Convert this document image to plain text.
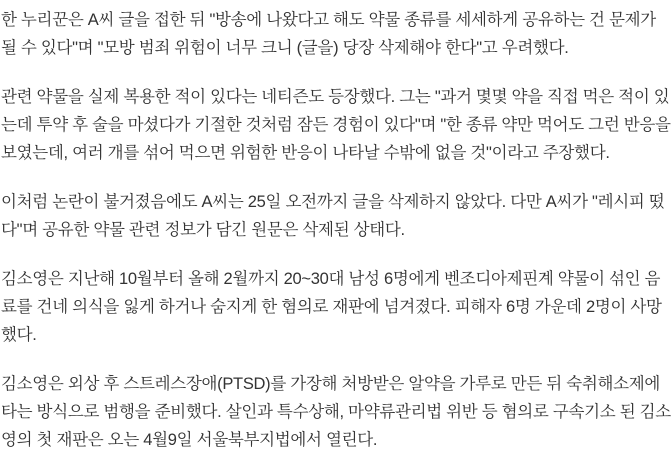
한 누리꾼은 A씨 글을 접한 뒤 "방송에 나왔다고 해도 약물 종류를 세세하게 공유하는 건 문제가
될 수 있다"며 "모방 범죄 위험이 너무 크니 (글을) 당장 삭제해야 한다"고 우려했다.
관련 약물을 실제 복용한 적이 있다는 네티즌도 등장했다. 그는 "과거 몇몇 약을 직접 먹은 적이 있
는데 투약 후 술을 마셨다가 기절한 것처럼 잠든 경험이 있다"며 "한 종류 약만 먹어도 그런 반응을
보였는데, 여러 개를 섞어 먹으면 위험한 반응이 나타날 수밖에 없을 것"이라고 주장했다.
이처럼 논란이 불거졌음에도 A씨는 25일 오전까지 글을 삭제하지 않았다. 다만 A씨가 "레시피 떴
다"며 공유한 약물 관련 정보가 담긴 원문은 삭제된 상태다.
김소영은 지난해 10월부터 올해 2월까지 20~30대 남성 6명에게 벤조디아제핀계 약물이 섞인 음
료를 건네 의식을 잃게 하거나 숨지게 한 혐의로 재판에 넘겨졌다. 피해자 6명 가운데 2명이 사망
했다.
김소영은 외상 후 스트레스장애(PTSD)를 가장해 처방받은 알약을 가루로 만든 뒤 숙취해소제에
타는 방식으로 범행을 준비했다. 살인과 특수상해, 마약류관리법 위반 등 혐의로 구속기소 된 김소
영의 첫 재판은 오는 4월9일 서울북부지법에서 열린다.
